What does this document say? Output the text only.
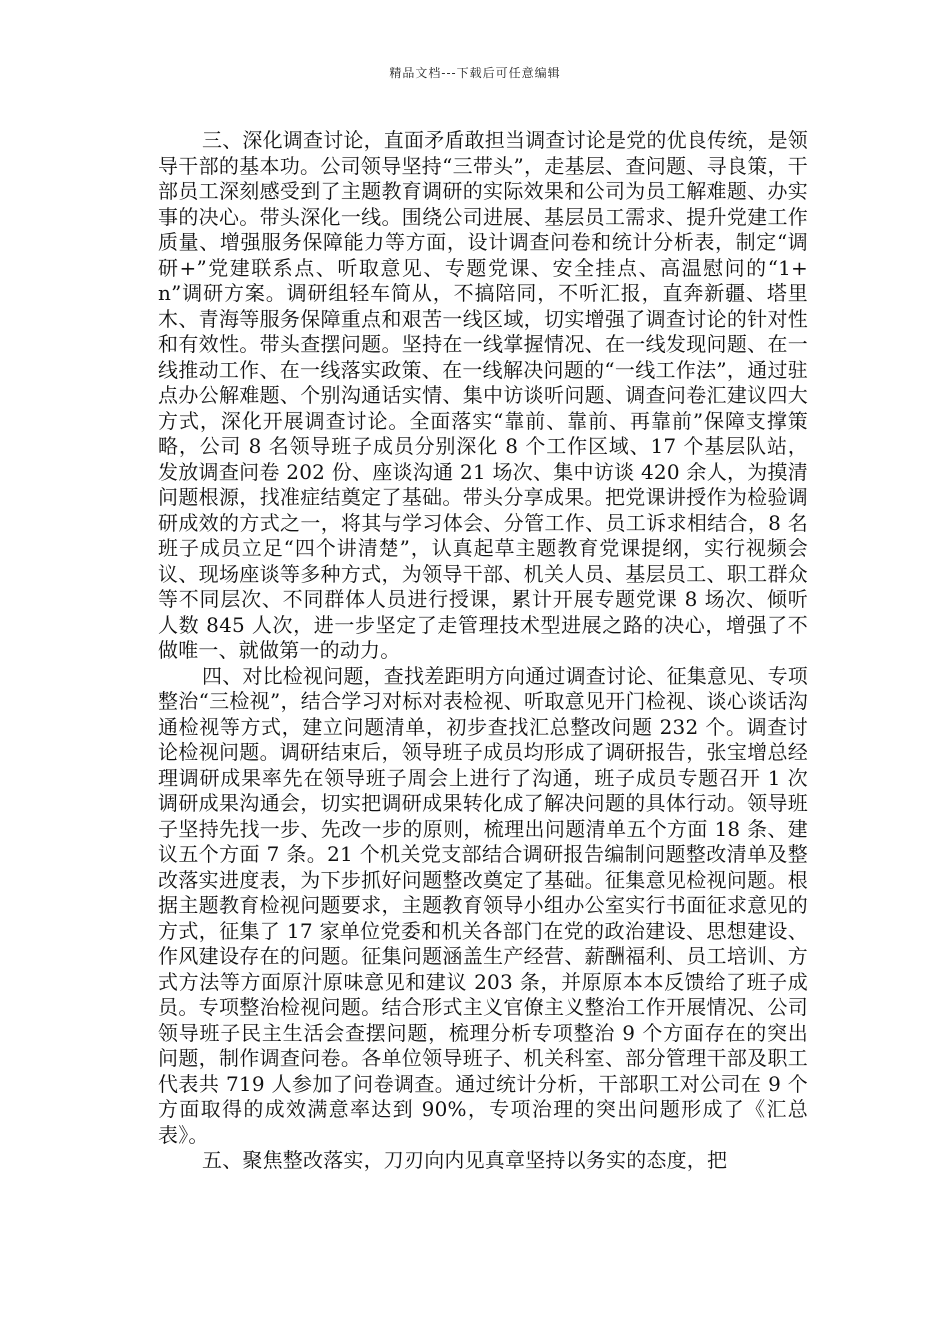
精品文档---下载后可任意编辑

三、深化调查讨论，直面矛盾敢担当调查讨论是党的优良传统，是领导干部的基本功。公司领导坚持“三带头”，走基层、查问题、寻良策，干部员工深刻感受到了主题教育调研的实际效果和公司为员工解难题、办实事的决心。带头深化一线。围绕公司进展、基层员工需求、提升党建工作质量、增强服务保障能力等方面，设计调查问卷和统计分析表，制定“调研+”党建联系点、听取意见、专题党课、安全挂点、高温慰问的“1+n”调研方案。调研组轻车简从，不搞陪同，不听汇报，直奔新疆、塔里木、青海等服务保障重点和艰苦一线区域，切实增强了调查讨论的针对性和有效性。带头查摆问题。坚持在一线掌握情况、在一线发现问题、在一线推动工作、在一线落实政策、在一线解决问题的“一线工作法”，通过驻点办公解难题、个别沟通话实情、集中访谈听问题、调查问卷汇建议四大方式，深化开展调查讨论。全面落实“靠前、靠前、再靠前”保障支撑策略，公司 8 名领导班子成员分别深化 8 个工作区域、17 个基层队站，发放调查问卷 202 份、座谈沟通 21 场次、集中访谈 420 余人，为摸清问题根源，找准症结奠定了基础。带头分享成果。把党课讲授作为检验调研成效的方式之一，将其与学习体会、分管工作、员工诉求相结合，8 名班子成员立足“四个讲清楚”，认真起草主题教育党课提纲，实行视频会议、现场座谈等多种方式，为领导干部、机关人员、基层员工、职工群众等不同层次、不同群体人员进行授课，累计开展专题党课 8 场次、倾听人数 845 人次，进一步坚定了走管理技术型进展之路的决心，增强了不做唯一、就做第一的动力。

四、对比检视问题，查找差距明方向通过调查讨论、征集意见、专项整治“三检视”，结合学习对标对表检视、听取意见开门检视、谈心谈话沟通检视等方式，建立问题清单，初步查找汇总整改问题 232 个。调查讨论检视问题。调研结束后，领导班子成员均形成了调研报告，张宝增总经理调研成果率先在领导班子周会上进行了沟通，班子成员专题召开 1 次调研成果沟通会，切实把调研成果转化成了解决问题的具体行动。领导班子坚持先找一步、先改一步的原则，梳理出问题清单五个方面 18 条、建议五个方面 7 条。21 个机关党支部结合调研报告编制问题整改清单及整改落实进度表，为下步抓好问题整改奠定了基础。征集意见检视问题。根据主题教育检视问题要求，主题教育领导小组办公室实行书面征求意见的方式，征集了 17 家单位党委和机关各部门在党的政治建设、思想建设、作风建设存在的问题。征集问题涵盖生产经营、薪酬福利、员工培训、方式方法等方面原汁原味意见和建议 203 条，并原原本本反馈给了班子成员。专项整治检视问题。结合形式主义官僚主义整治工作开展情况、公司领导班子民主生活会查摆问题，梳理分析专项整治 9 个方面存在的突出问题，制作调查问卷。各单位领导班子、机关科室、部分管理干部及职工代表共 719 人参加了问卷调查。通过统计分析，干部职工对公司在 9 个方面取得的成效满意率达到 90%，专项治理的突出问题形成了《汇总表》。

五、聚焦整改落实，刀刃向内见真章坚持以务实的态度，把
